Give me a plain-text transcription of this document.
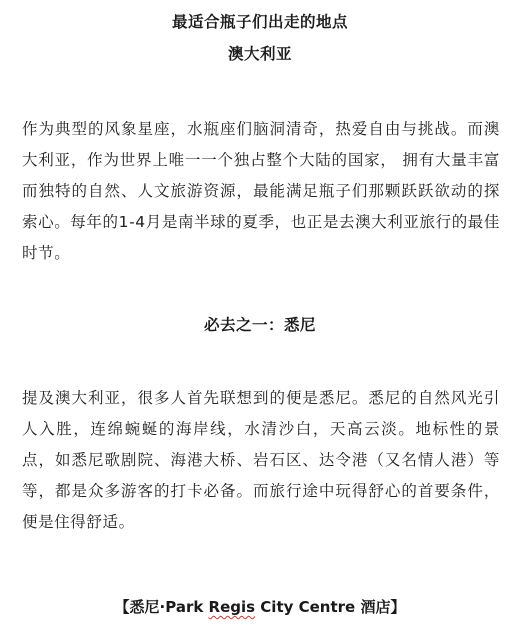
最适合瓶子们出走的地点
澳大利亚
作为典型的风象星座，水瓶座们脑洞清奇，热爱自由与挑战。而澳大利亚，作为世界上唯一一个独占整个大陆的国家， 拥有大量丰富而独特的自然、人文旅游资源，最能满足瓶子们那颗跃跃欲动的探索心。每年的1-4月是南半球的夏季，也正是去澳大利亚旅行的最佳时节。
必去之一：悉尼
提及澳大利亚，很多人首先联想到的便是悉尼。悉尼的自然风光引人入胜，连绵蜿蜒的海岸线，水清沙白，天高云淡。地标性的景点，如悉尼歌剧院、海港大桥、岩石区、达令港（又名情人港）等等，都是众多游客的打卡必备。而旅行途中玩得舒心的首要条件，便是住得舒适。
【悉尼·Park Regis City Centre 酒店】
